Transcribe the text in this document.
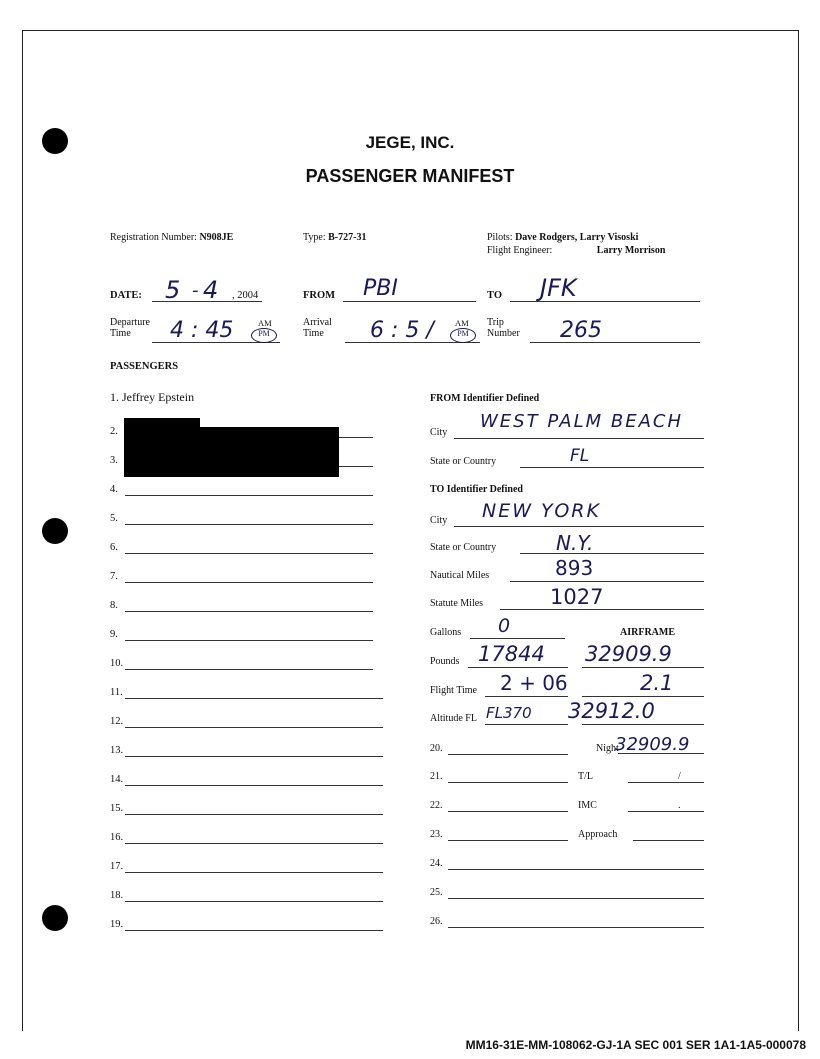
JEGE, INC.
PASSENGER MANIFEST
Registration Number: N908JE	Type: B-727-31	Pilots: Dave Rodgers, Larry Visoski
Flight Engineer:	Larry Morrison
DATE: 5 - 4 , 2004	FROM PBI	TO JFK
Departure
Time	4 : 45	AM
PM
Arrival
Time	6 : 5 / AM
PM
Trip
Number 265
PASSENGERS
1. Jeffrey Epstein
2.
3.
4.
5.
6.
7.
8.
9.
10.
11.
12.
13.
14.
15.
16.
17.
18.
19.
FROM Identifier Defined
City
WEST PALM BEACH
State or Country	FL
TO Identifier Defined
City NEW YORK
State or Country	N.Y.
Nautical Miles	893
Statute Miles	1027
Gallons 0	AIRFRAME
Pounds 17844 32909.9
Flight Time 2 + 06	2.1
Altitude FL FL370 32912.0
Night
32909.9
T/L	/
IMC	.
Approach
20.
21.
22.
23.
24.
25.
26.
MM16-31E-MM-108062-GJ-1A SEC 001 SER 1A1-1A5-000078
